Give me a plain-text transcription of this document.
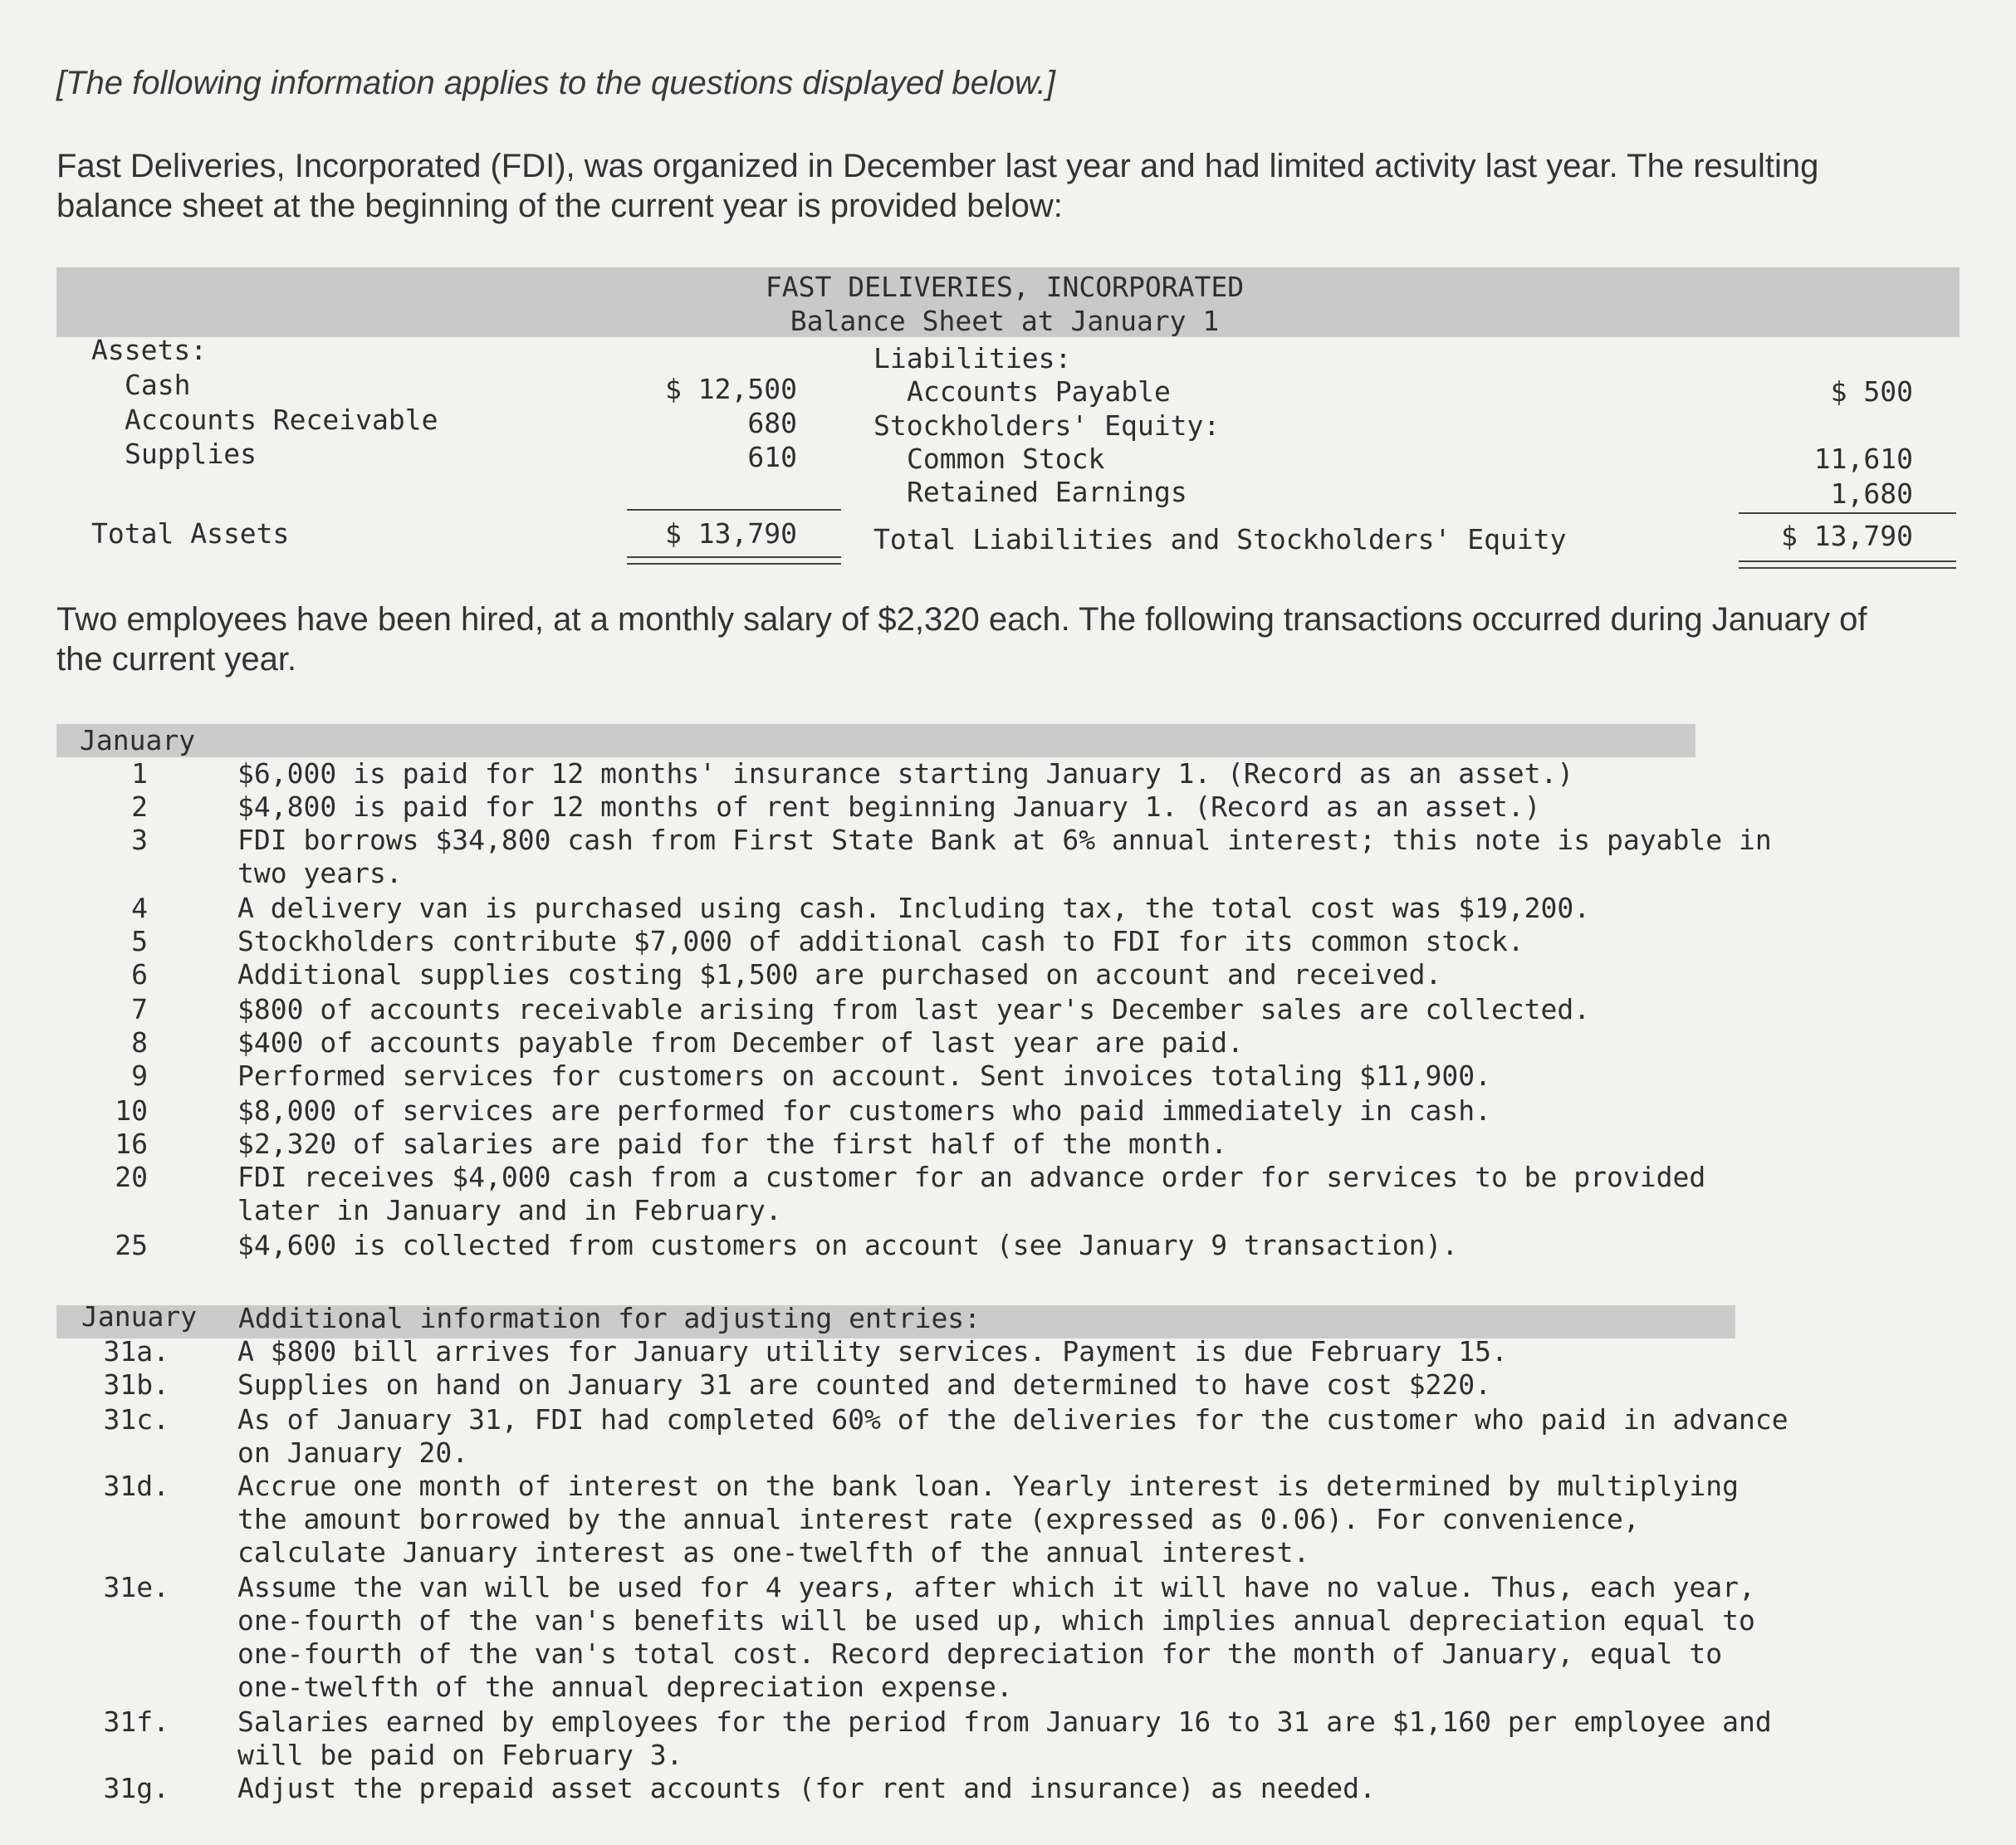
[The following information applies to the questions displayed below.]
Fast Deliveries, Incorporated (FDI), was organized in December last year and had limited activity last year. The resulting balance sheet at the beginning of the current year is provided below:
FAST DELIVERIES, INCORPORATED
Balance Sheet at January 1
Assets:
Cash	$ 12,500
Accounts Receivable	680
Supplies	610
Total Assets	$ 13,790
Liabilities:
Accounts Payable	$ 500
Stockholders' Equity:
Common Stock	11,610
Retained Earnings	1,680
Total Liabilities and Stockholders' Equity	$ 13,790
Two employees have been hired, at a monthly salary of $2,320 each. The following transactions occurred during January of the current year.
January
1	$6,000 is paid for 12 months' insurance starting January 1. (Record as an asset.)
2	$4,800 is paid for 12 months of rent beginning January 1. (Record as an asset.)
3	FDI borrows $34,800 cash from First State Bank at 6% annual interest; this note is payable in two years.
4	A delivery van is purchased using cash. Including tax, the total cost was $19,200.
5	Stockholders contribute $7,000 of additional cash to FDI for its common stock.
6	Additional supplies costing $1,500 are purchased on account and received.
7	$800 of accounts receivable arising from last year's December sales are collected.
8	$400 of accounts payable from December of last year are paid.
9	Performed services for customers on account. Sent invoices totaling $11,900.
10	$8,000 of services are performed for customers who paid immediately in cash.
16	$2,320 of salaries are paid for the first half of the month.
20	FDI receives $4,000 cash from a customer for an advance order for services to be provided later in January and in February.
25	$4,600 is collected from customers on account (see January 9 transaction).
January Additional information for adjusting entries:
31a. A $800 bill arrives for January utility services. Payment is due February 15.
31b. Supplies on hand on January 31 are counted and determined to have cost $220.
31c. As of January 31, FDI had completed 60% of the deliveries for the customer who paid in advance on January 20.
31d. Accrue one month of interest on the bank loan. Yearly interest is determined by multiplying the amount borrowed by the annual interest rate (expressed as 0.06). For convenience, calculate January interest as one-twelfth of the annual interest.
31e. Assume the van will be used for 4 years, after which it will have no value. Thus, each year, one-fourth of the van's benefits will be used up, which implies annual depreciation equal to one-fourth of the van's total cost. Record depreciation for the month of January, equal to one-twelfth of the annual depreciation expense.
31f. Salaries earned by employees for the period from January 16 to 31 are $1,160 per employee and will be paid on February 3.
31g. Adjust the prepaid asset accounts (for rent and insurance) as needed.
